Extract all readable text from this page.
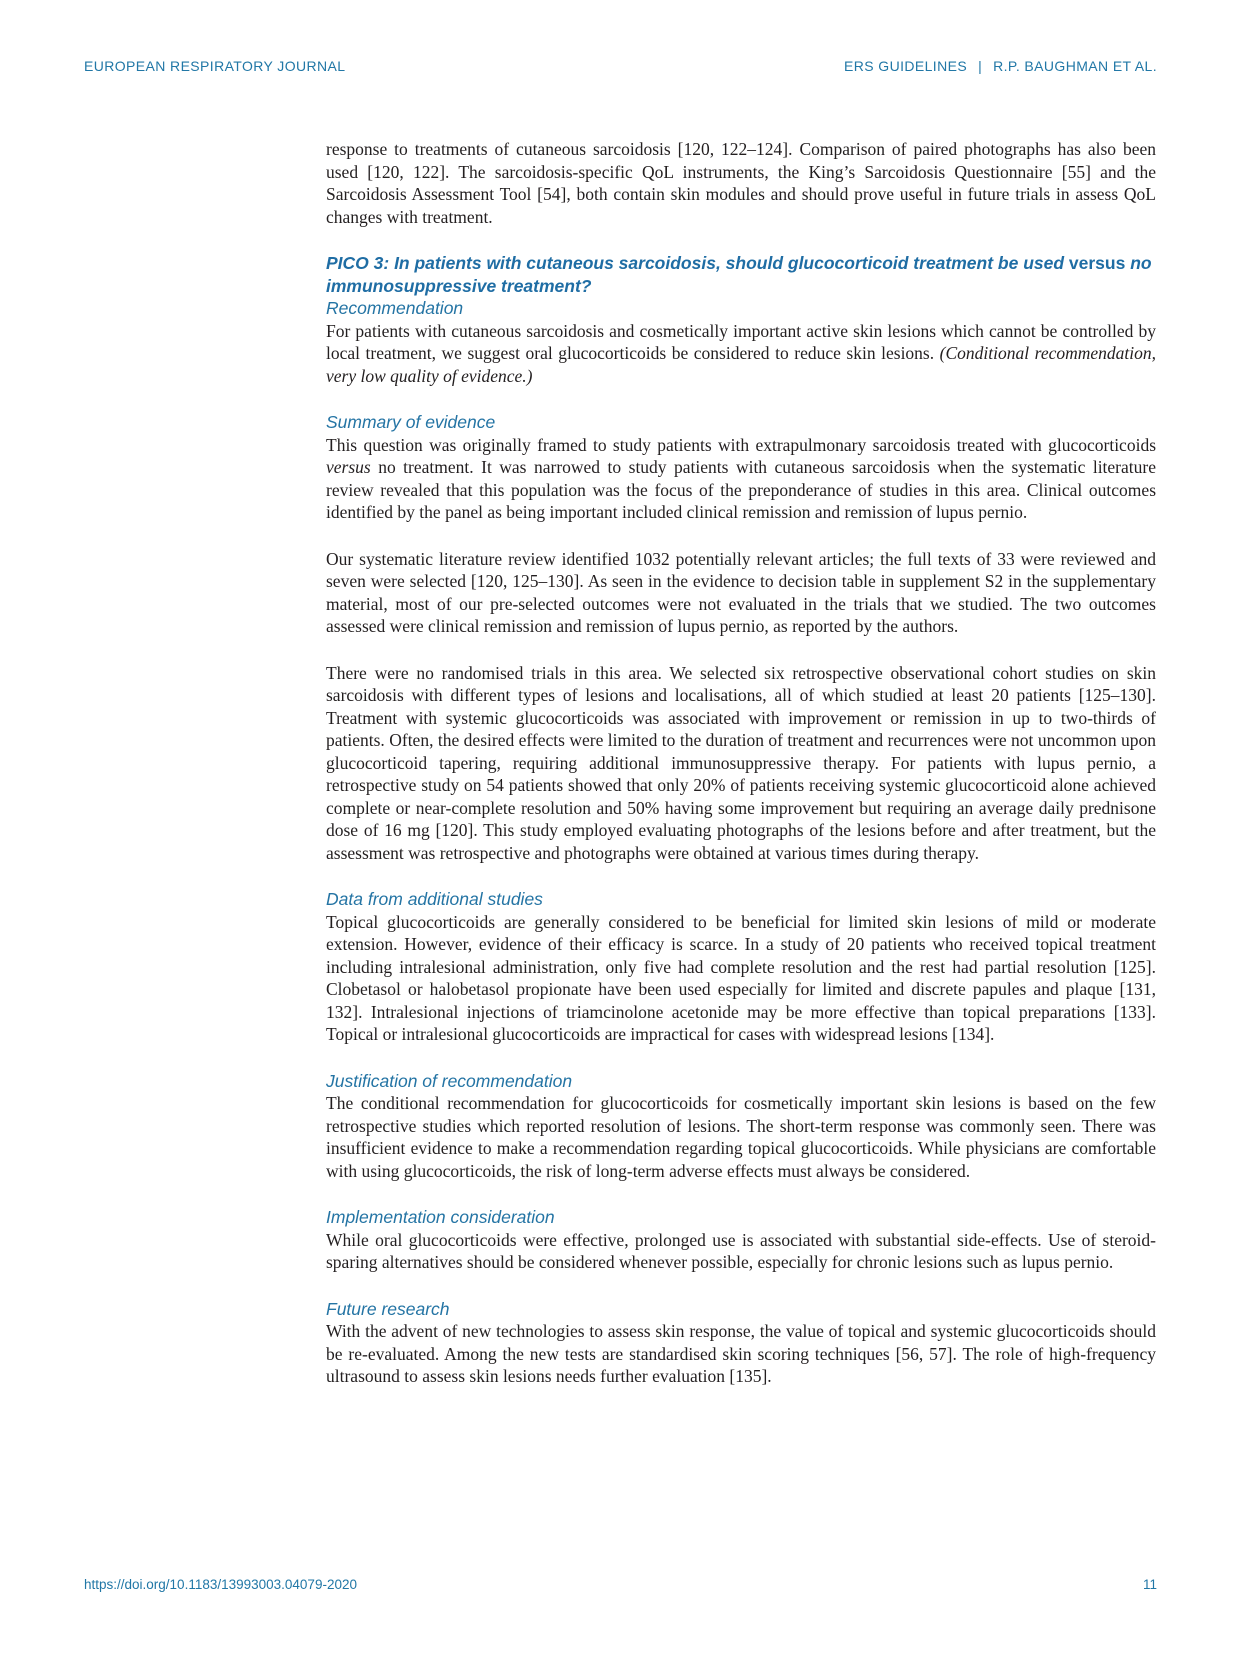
EUROPEAN RESPIRATORY JOURNAL	ERS GUIDELINES | R.P. BAUGHMAN ET AL.

response to treatments of cutaneous sarcoidosis [120, 122–124]. Comparison of paired photographs has also been used [120, 122]. The sarcoidosis-specific QoL instruments, the King’s Sarcoidosis Questionnaire [55] and the Sarcoidosis Assessment Tool [54], both contain skin modules and should prove useful in future trials in assess QoL changes with treatment.

PICO 3: In patients with cutaneous sarcoidosis, should glucocorticoid treatment be used versus no immunosuppressive treatment?
Recommendation

For patients with cutaneous sarcoidosis and cosmetically important active skin lesions which cannot be controlled by local treatment, we suggest oral glucocorticoids be considered to reduce skin lesions. (Conditional recommendation, very low quality of evidence.)

Summary of evidence

This question was originally framed to study patients with extrapulmonary sarcoidosis treated with glucocorticoids versus no treatment. It was narrowed to study patients with cutaneous sarcoidosis when the systematic literature review revealed that this population was the focus of the preponderance of studies in this area. Clinical outcomes identified by the panel as being important included clinical remission and remission of lupus pernio.

Our systematic literature review identified 1032 potentially relevant articles; the full texts of 33 were reviewed and seven were selected [120, 125–130]. As seen in the evidence to decision table in supplement S2 in the supplementary material, most of our pre-selected outcomes were not evaluated in the trials that we studied. The two outcomes assessed were clinical remission and remission of lupus pernio, as reported by the authors.

There were no randomised trials in this area. We selected six retrospective observational cohort studies on skin sarcoidosis with different types of lesions and localisations, all of which studied at least 20 patients [125–130]. Treatment with systemic glucocorticoids was associated with improvement or remission in up to two-thirds of patients. Often, the desired effects were limited to the duration of treatment and recurrences were not uncommon upon glucocorticoid tapering, requiring additional immunosuppressive therapy. For patients with lupus pernio, a retrospective study on 54 patients showed that only 20% of patients receiving systemic glucocorticoid alone achieved complete or near-complete resolution and 50% having some improvement but requiring an average daily prednisone dose of 16 mg [120]. This study employed evaluating photographs of the lesions before and after treatment, but the assessment was retrospective and photographs were obtained at various times during therapy.

Data from additional studies

Topical glucocorticoids are generally considered to be beneficial for limited skin lesions of mild or moderate extension. However, evidence of their efficacy is scarce. In a study of 20 patients who received topical treatment including intralesional administration, only five had complete resolution and the rest had partial resolution [125]. Clobetasol or halobetasol propionate have been used especially for limited and discrete papules and plaque [131, 132]. Intralesional injections of triamcinolone acetonide may be more effective than topical preparations [133]. Topical or intralesional glucocorticoids are impractical for cases with widespread lesions [134].

Justification of recommendation

The conditional recommendation for glucocorticoids for cosmetically important skin lesions is based on the few retrospective studies which reported resolution of lesions. The short-term response was commonly seen. There was insufficient evidence to make a recommendation regarding topical glucocorticoids. While physicians are comfortable with using glucocorticoids, the risk of long-term adverse effects must always be considered.

Implementation consideration

While oral glucocorticoids were effective, prolonged use is associated with substantial side-effects. Use of steroid-sparing alternatives should be considered whenever possible, especially for chronic lesions such as lupus pernio.

Future research

With the advent of new technologies to assess skin response, the value of topical and systemic glucocorticoids should be re-evaluated. Among the new tests are standardised skin scoring techniques [56, 57]. The role of high-frequency ultrasound to assess skin lesions needs further evaluation [135].

https://doi.org/10.1183/13993003.04079-2020	11
